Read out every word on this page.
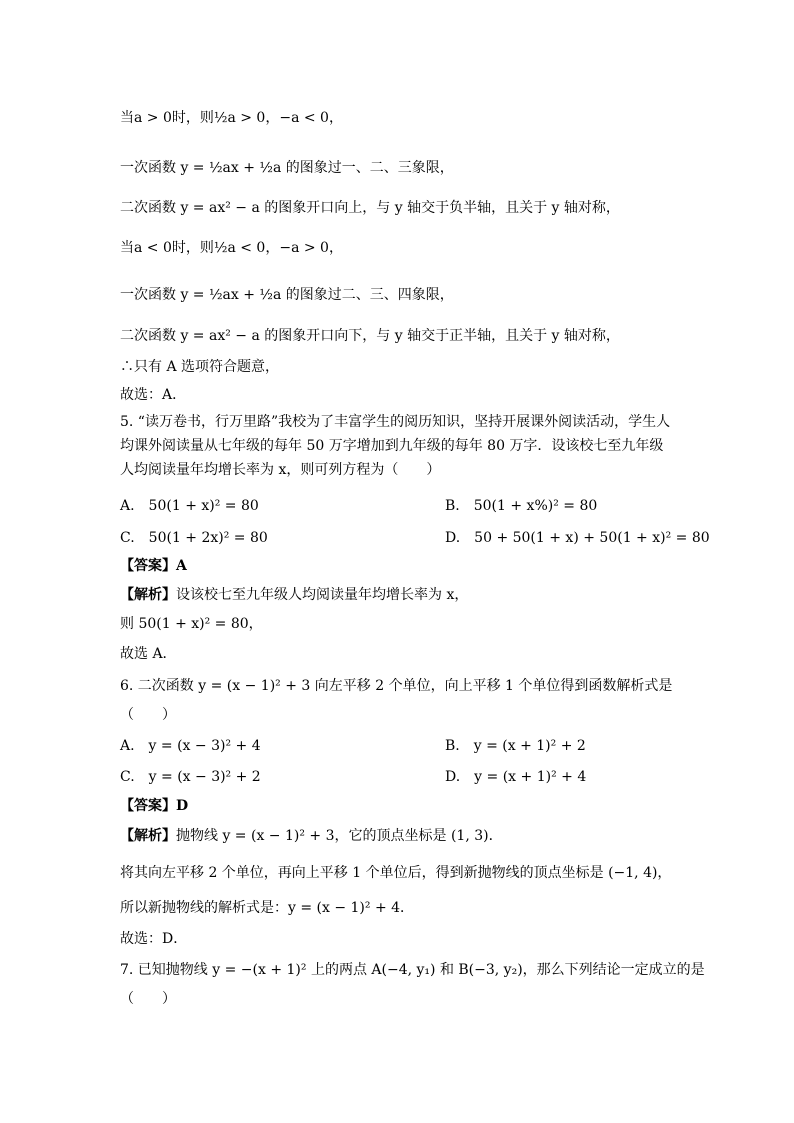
当a > 0时，则½a > 0，−a < 0，
一次函数 y = ½ax + ½a 的图象过一、二、三象限，
二次函数 y = ax² − a 的图象开口向上，与 y 轴交于负半轴，且关于 y 轴对称，
当a < 0时，则½a < 0，−a > 0，
一次函数 y = ½ax + ½a 的图象过二、三、四象限，
二次函数 y = ax² − a 的图象开口向下，与 y 轴交于正半轴，且关于 y 轴对称，
∴只有 A 选项符合题意，
故选：A．
5. “读万卷书，行万里路”我校为了丰富学生的阅历知识，坚持开展课外阅读活动，学生人均课外阅读量从七年级的每年 50 万字增加到九年级的每年 80 万字．设该校七至九年级人均阅读量年均增长率为 x，则可列方程为（　　）
A.　50(1 + x)² = 80	B.　50(1 + x%)² = 80
C.　50(1 + 2x)² = 80	D.　50 + 50(1 + x) + 50(1 + x)² = 80
【答案】A
【解析】设该校七至九年级人均阅读量年均增长率为 x，
则 50(1 + x)² = 80，
故选 A．
6. 二次函数 y = (x − 1)² + 3 向左平移 2 个单位，向上平移 1 个单位得到函数解析式是
（　　）
A.　y = (x − 3)² + 4	B.　y = (x + 1)² + 2
C.　y = (x − 3)² + 2	D.　y = (x + 1)² + 4
【答案】D
【解析】抛物线 y = (x − 1)² + 3，它的顶点坐标是 (1, 3)．
将其向左平移 2 个单位，再向上平移 1 个单位后，得到新抛物线的顶点坐标是 (−1, 4)，
所以新抛物线的解析式是：y = (x − 1)² + 4．
故选：D．
7. 已知抛物线 y = −(x + 1)² 上的两点 A(−4, y₁) 和 B(−3, y₂)，那么下列结论一定成立的是
（　　）
